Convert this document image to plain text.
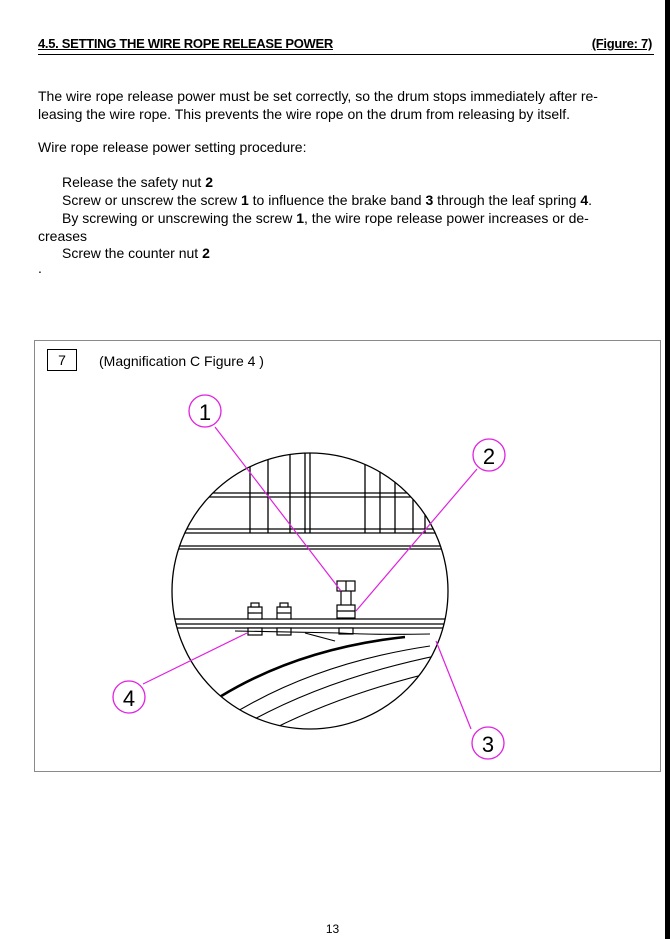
4.5. SETTING THE WIRE ROPE RELEASE POWER	(Figure: 7)
The wire rope release power must be set correctly, so the drum stops immediately after re-
leasing the wire rope. This prevents the wire rope on the drum from releasing by itself.
Wire rope release power setting procedure:
Release the safety nut 2
Screw or unscrew the screw 1 to influence the brake band 3 through the leaf spring 4.
By screwing or unscrewing the screw 1, the wire rope release power increases or de-
creases
Screw the counter nut 2
.
7	(Magnification C Figure 4 )
1
2
3
4
13
